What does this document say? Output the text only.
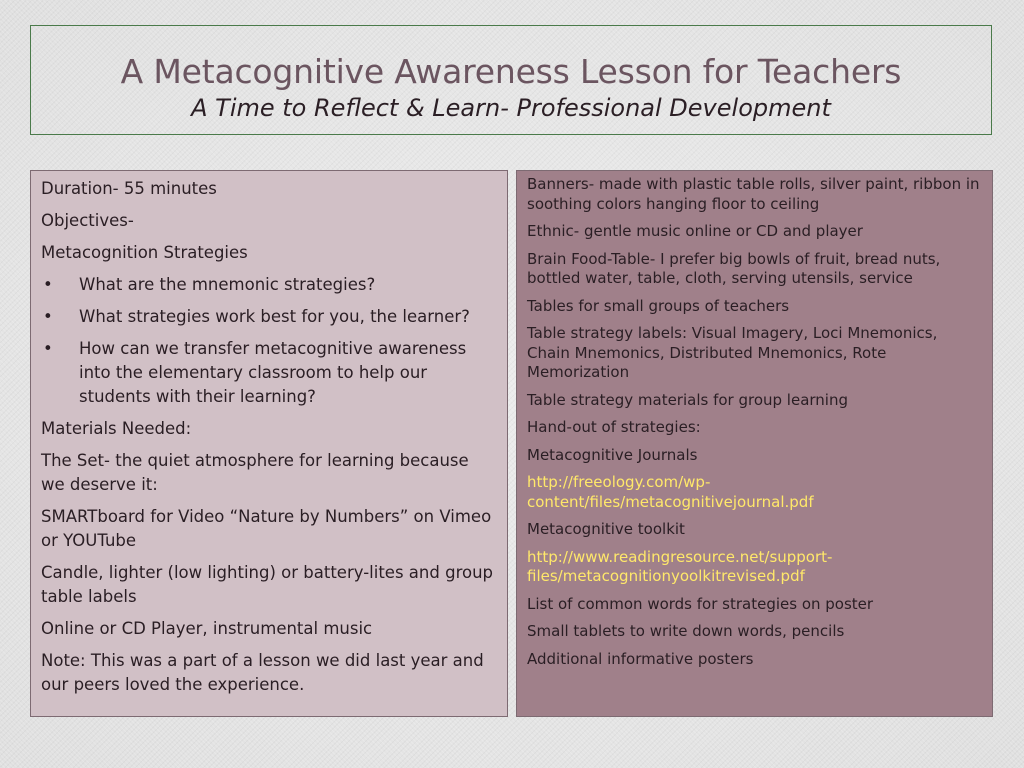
A Metacognitive Awareness Lesson for Teachers
A Time to Reflect & Learn- Professional Development

Duration- 55 minutes

Objectives-

Metacognition Strategies

• What are the mnemonic strategies?
• What strategies work best for you, the learner?
• How can we transfer metacognitive awareness into the elementary classroom to help our students with their learning?

Materials Needed:

The Set- the quiet atmosphere for learning because we deserve it:

SMARTboard for Video “Nature by Numbers” on Vimeo or YOUTube

Candle, lighter (low lighting) or battery-lites and group table labels

Online or CD Player, instrumental music

Note: This was a part of a lesson we did last year and our peers loved the experience.

Banners- made with plastic table rolls, silver paint, ribbon in soothing colors hanging floor to ceiling

Ethnic- gentle music online or CD and player

Brain Food-Table- I prefer big bowls of fruit, bread nuts, bottled water, table, cloth, serving utensils, service

Tables for small groups of teachers

Table strategy labels: Visual Imagery, Loci Mnemonics, Chain Mnemonics, Distributed Mnemonics, Rote Memorization

Table strategy materials for group learning

Hand-out of strategies:

Metacognitive Journals

http://freeology.com/wp-content/files/metacognitivejournal.pdf

Metacognitive toolkit

http://www.readingresource.net/support-files/metacognitionyoolkitrevised.pdf

List of common words for strategies on poster

Small tablets to write down words, pencils

Additional informative posters
